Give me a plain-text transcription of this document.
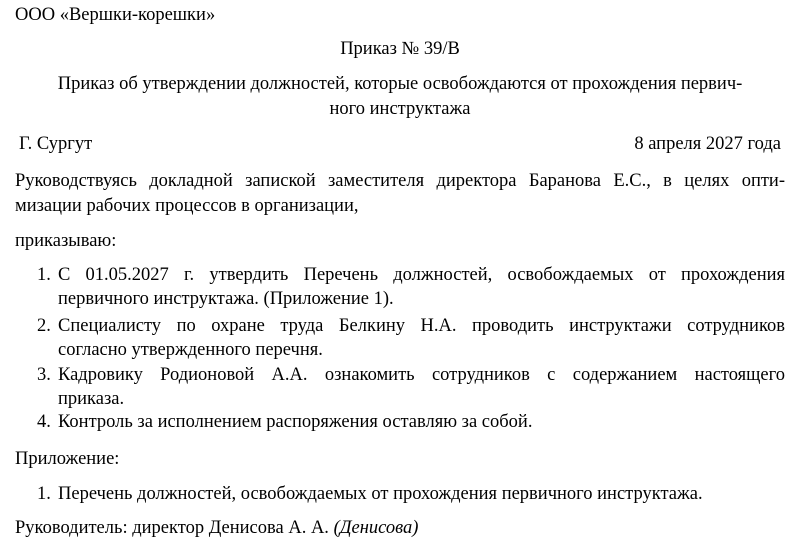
ООО «Вершки-корешки»
Приказ № 39/В
Приказ об утверждении должностей, которые освобождаются от прохождения первич-
ного инструктажа
Г. Сургут	8 апреля 2027 года
Руководствуясь докладной запиской заместителя директора Баранова Е.С., в целях опти-
мизации рабочих процессов в организации,
приказываю:
1. С 01.05.2027 г. утвердить Перечень должностей, освобождаемых от прохождения
первичного инструктажа. (Приложение 1).
2. Специалисту по охране труда Белкину Н.А. проводить инструктажи сотрудников
согласно утвержденного перечня.
3. Кадровику Родионовой А.А. ознакомить сотрудников с содержанием настоящего
приказа.
4. Контроль за исполнением распоряжения оставляю за собой.
Приложение:
1. Перечень должностей, освобождаемых от прохождения первичного инструктажа.
Руководитель: директор Денисова А. А. (Денисова)
